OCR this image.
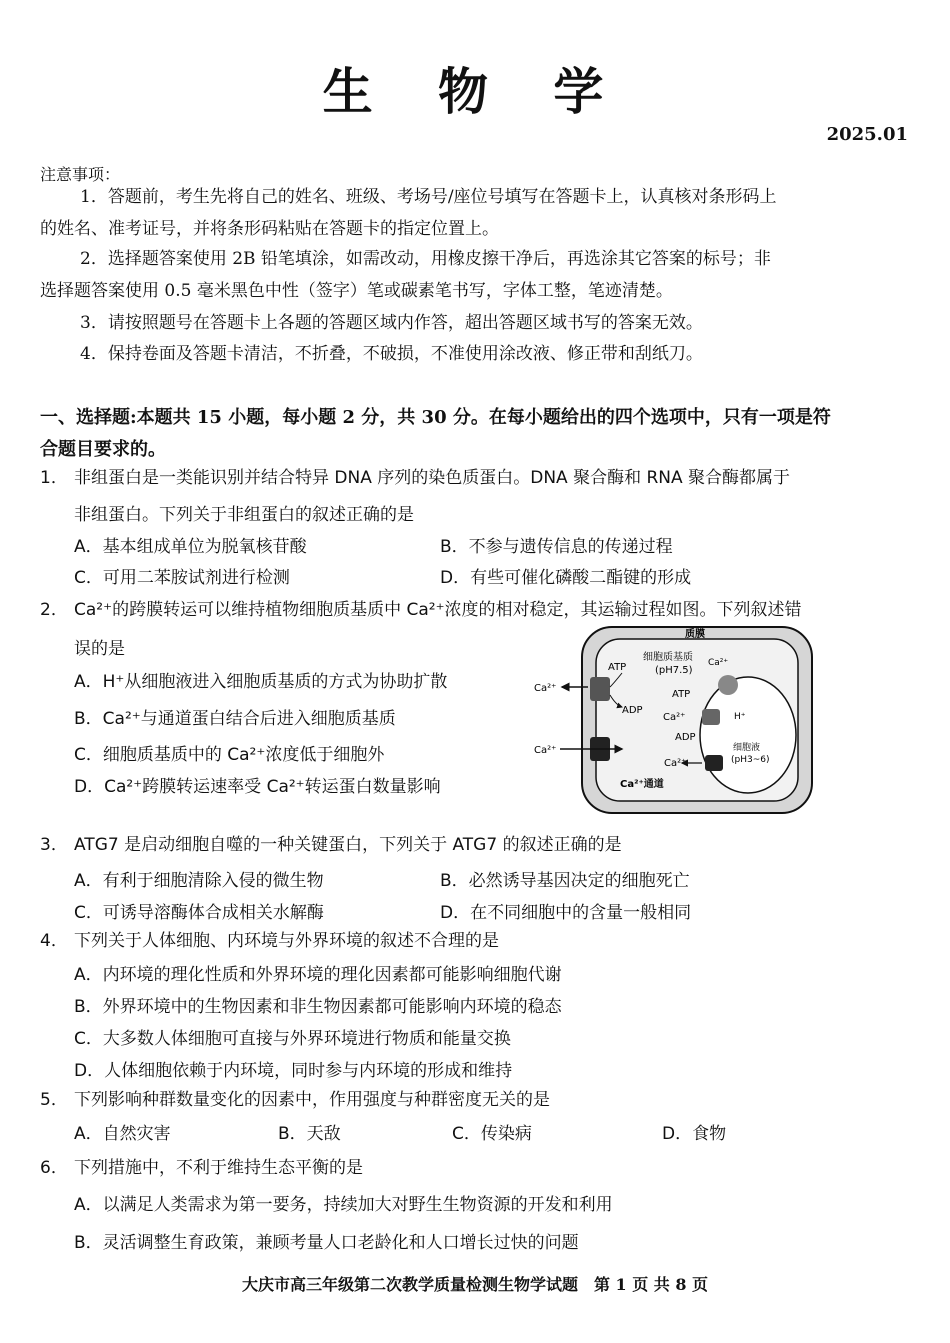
生 物 学
2025.01
注意事项：
1．答题前，考生先将自己的姓名、班级、考场号/座位号填写在答题卡上，认真核对条形码上
的姓名、准考证号，并将条形码粘贴在答题卡的指定位置上。
2．选择题答案使用 2B 铅笔填涂，如需改动，用橡皮擦干净后，再选涂其它答案的标号；非
选择题答案使用 0.5 毫米黑色中性（签字）笔或碳素笔书写，字体工整，笔迹清楚。
3．请按照题号在答题卡上各题的答题区域内作答，超出答题区域书写的答案无效。
4．保持卷面及答题卡清洁，不折叠，不破损，不准使用涂改液、修正带和刮纸刀。
一、选择题:本题共 15 小题，每小题 2 分，共 30 分。在每小题给出的四个选项中，只有一项是符
合题目要求的。
1． 非组蛋白是一类能识别并结合特异 DNA 序列的染色质蛋白。DNA 聚合酶和 RNA 聚合酶都属于
非组蛋白。下列关于非组蛋白的叙述正确的是
A．基本组成单位为脱氧核苷酸	B．不参与遗传信息的传递过程
C．可用二苯胺试剂进行检测	D．有些可催化磷酸二酯键的形成
2． Ca²⁺的跨膜转运可以维持植物细胞质基质中 Ca²⁺浓度的相对稳定，其运输过程如图。下列叙述错
误的是
A．H⁺从细胞液进入细胞质基质的方式为协助扩散
B．Ca²⁺与通道蛋白结合后进入细胞质基质
C．细胞质基质中的 Ca²⁺浓度低于细胞外
D．Ca²⁺跨膜转运速率受 Ca²⁺转运蛋白数量影响
质膜
细胞质基质
(pH7.5)
细胞液
(pH3~6)
ATP
ADP
Ca²⁺
Ca²⁺
ATP
ADP
Ca²⁺
Ca²⁺
H⁺
Ca²⁺
Ca²⁺通道
3． ATG7 是启动细胞自噬的一种关键蛋白，下列关于 ATG7 的叙述正确的是
A．有利于细胞清除入侵的微生物	B．必然诱导基因决定的细胞死亡
C．可诱导溶酶体合成相关水解酶	D．在不同细胞中的含量一般相同
4． 下列关于人体细胞、内环境与外界环境的叙述不合理的是
A．内环境的理化性质和外界环境的理化因素都可能影响细胞代谢
B．外界环境中的生物因素和非生物因素都可能影响内环境的稳态
C．大多数人体细胞可直接与外界环境进行物质和能量交换
D．人体细胞依赖于内环境，同时参与内环境的形成和维持
5． 下列影响种群数量变化的因素中，作用强度与种群密度无关的是
A．自然灾害	B．天敌	C．传染病	D．食物
6． 下列措施中，不利于维持生态平衡的是
A．以满足人类需求为第一要务，持续加大对野生生物资源的开发和利用
B．灵活调整生育政策，兼顾考量人口老龄化和人口增长过快的问题
大庆市高三年级第二次教学质量检测生物学试题　第 1 页 共 8 页
